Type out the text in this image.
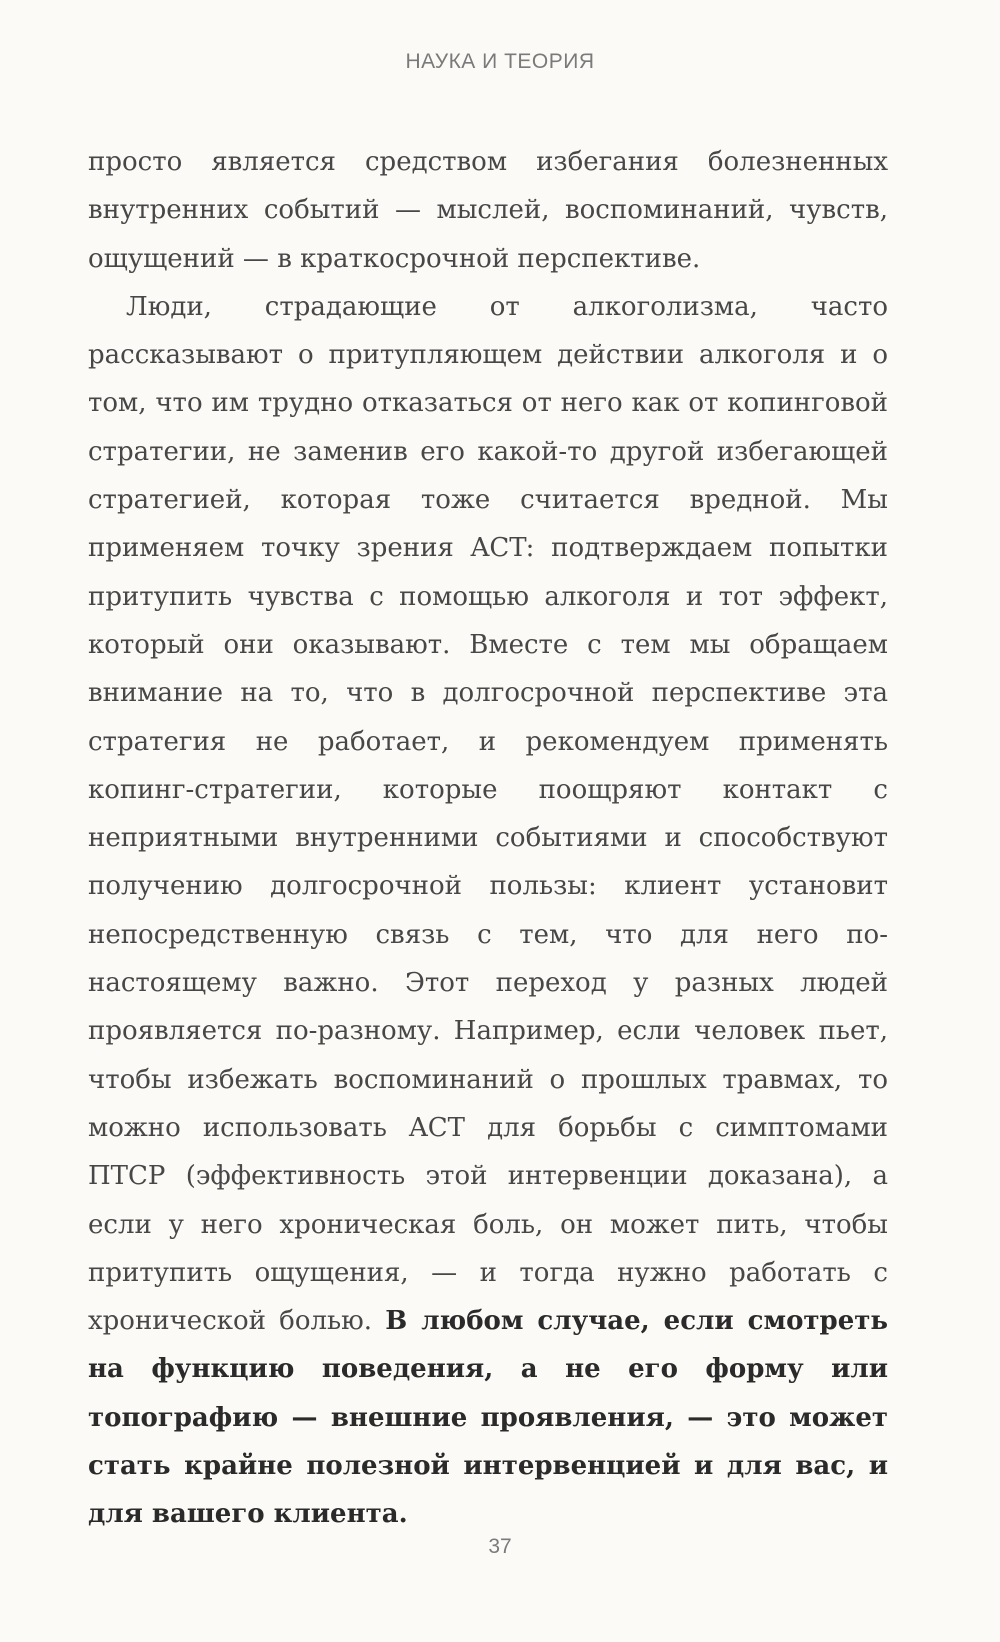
НАУКА И ТЕОРИЯ

просто является средством избегания болезненных внутренних событий — мыслей, воспоминаний, чувств, ощущений — в краткосрочной перспективе.

Люди, страдающие от алкоголизма, часто рассказывают о притупляющем действии алкоголя и о том, что им трудно отказаться от него как от копинговой стратегии, не заменив его какой-то другой избегающей стратегией, которая тоже считается вредной. Мы применяем точку зрения ACT: подтверждаем попытки притупить чувства с помощью алкоголя и тот эффект, который они оказывают. Вместе с тем мы обращаем внимание на то, что в долгосрочной перспективе эта стратегия не работает, и рекомендуем применять копинг-стратегии, которые поощряют контакт с неприятными внутренними событиями и способствуют получению долгосрочной пользы: клиент установит непосредственную связь с тем, что для него по-настоящему важно. Этот переход у разных людей проявляется по-разному. Например, если человек пьет, чтобы избежать воспоминаний о прошлых травмах, то можно использовать ACT для борьбы с симптомами ПТСР (эффективность этой интервенции доказана), а если у него хроническая боль, он может пить, чтобы притупить ощущения, — и тогда нужно работать с хронической болью. В любом случае, если смотреть на функцию поведения, а не его форму или топографию — внешние проявления, — это может стать крайне полезной интервенцией и для вас, и для вашего клиента.

37
